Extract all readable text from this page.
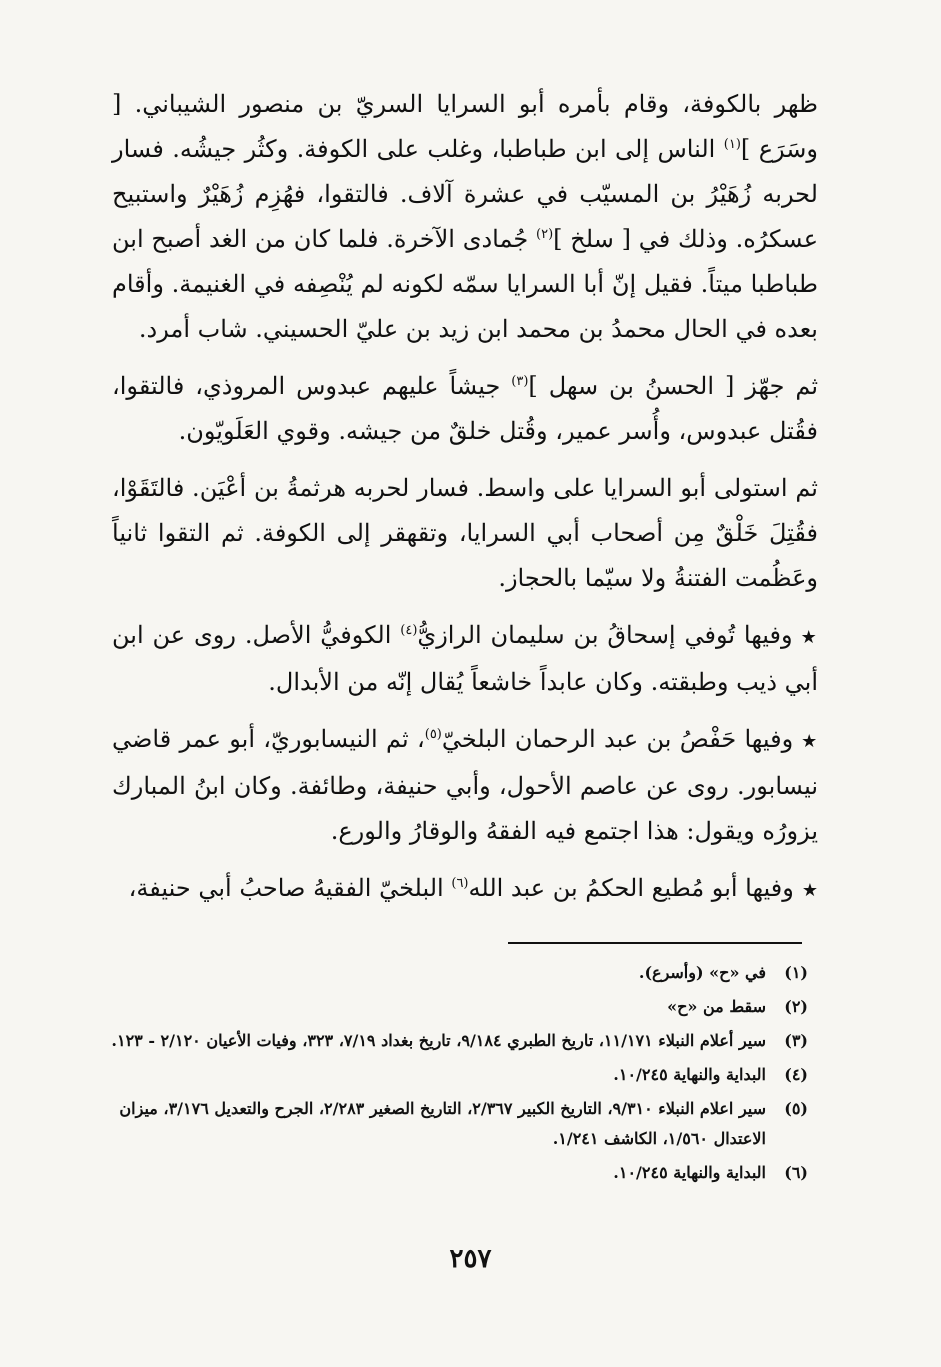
ظهر بالكوفة، وقام بأمره أبو السرايا السريّ بن منصور الشيباني. [ وسَرَع ]$^{(١)}$ الناس إلى ابن طباطبا، وغلب على الكوفة. وكثُر جيشُه. فسار لحربه زُهَيْرُ بن المسيّب في عشرة آلاف. فالتقوا، فهُزِم زُهَيْرٌ واستبيح عسكرُه. وذلك في [ سلخ ]$^{(٢)}$ جُمادى الآخرة. فلما كان من الغد أصبح ابن طباطبا ميتاً. فقيل إنّ أبا السرايا سمّه لكونه لم يُنْصِفه في الغنيمة. وأقام بعده في الحال محمدُ بن محمد ابن زيد بن عليّ الحسيني. شاب أمرد.

ثم جهّز [ الحسنُ بن سهل ]$^{(٣)}$ جيشاً عليهم عبدوس المروذي، فالتقوا، فقُتل عبدوس، وأُسر عمير، وقُتل خلقٌ من جيشه. وقوي العَلَويّون.

ثم استولى أبو السرايا على واسط. فسار لحربه هرثمةُ بن أعْيَن. فالتَقَوْا، فقُتِلَ خَلْقٌ مِن أصحاب أبي السرايا، وتقهقر إلى الكوفة. ثم التقوا ثانياً وعَظُمت الفتنةُ ولا سيّما بالحجاز.

★وفيها تُوفي إسحاقُ بن سليمان الرازيُّ$^{(٤)}$ الكوفيُّ الأصل. روى عن ابن أبي ذيب وطبقته. وكان عابداً خاشعاً يُقال إنّه من الأبدال.

★وفيها حَفْصُ بن عبد الرحمان البلخيّ$^{(٥)}$، ثم النيسابوريّ، أبو عمر قاضي نيسابور. روى عن عاصم الأحول، وأبي حنيفة، وطائفة. وكان ابنُ المبارك يزورُه ويقول: هذا اجتمع فيه الفقهُ والوقارُ والورع.

★وفيها أبو مُطيع الحكمُ بن عبد الله$^{(٦)}$ البلخيّ الفقيهُ صاحبُ أبي حنيفة،

(١)
في «ح» (وأسرع).
(٢)
سقط من «ح»
(٣)
سير أعلام النبلاء ١١/١٧١، تاريخ الطبري ٩/١٨٤، تاريخ بغداد ٧/١٩، ٣٢٣، وفيات الأعيان ٢/١٢٠ - ١٢٣.
(٤)
البداية والنهاية ١٠/٢٤٥.
(٥)
سير اعلام النبلاء ٩/٣١٠، التاريخ الكبير ٢/٣٦٧، التاريخ الصغير ٢/٢٨٣، الجرح والتعديل ٣/١٧٦، ميزان الاعتدال ١/٥٦٠، الكاشف ١/٢٤١.
(٦)
البداية والنهاية ١٠/٢٤٥.
٢٥٧
